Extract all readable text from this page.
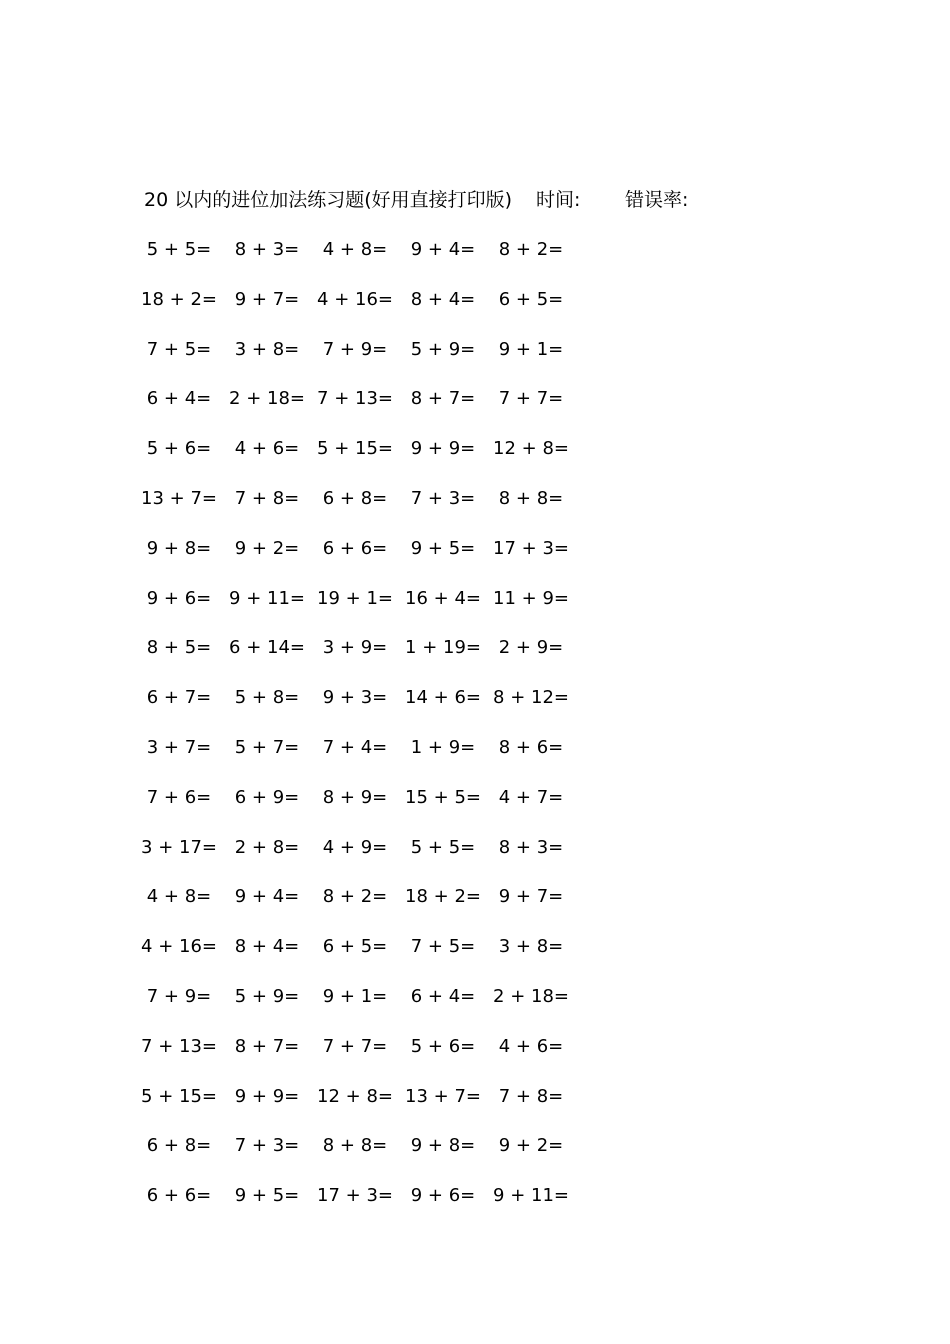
20 以内的进位加法练习题(好用直接打印版) 时间: 错误率:
5 + 5=	8 + 3=	4 + 8=	9 + 4=	8 + 2=
18 + 2= 9 + 7= 4 + 16= 8 + 4=	6 + 5=
7 + 5=	3 + 8=	7 + 9=	5 + 9=	9 + 1=
6 + 4= 2 + 18= 7 + 13= 8 + 7=	7 + 7=
5 + 6=	4 + 6= 5 + 15= 9 + 9= 12 + 8=
13 + 7= 7 + 8=	6 + 8=	7 + 3=	8 + 8=
9 + 8=	9 + 2=	6 + 6=	9 + 5= 17 + 3=
9 + 6= 9 + 11= 19 + 1= 16 + 4= 11 + 9=
8 + 5= 6 + 14= 3 + 9= 1 + 19= 2 + 9=
6 + 7=	5 + 8=	9 + 3= 14 + 6= 8 + 12=
3 + 7=	5 + 7=	7 + 4=	1 + 9=	8 + 6=
7 + 6=	6 + 9=	8 + 9= 15 + 5= 4 + 7=
3 + 17= 2 + 8=	4 + 9=	5 + 5=	8 + 3=
4 + 8=	9 + 4=	8 + 2= 18 + 2= 9 + 7=
4 + 16= 8 + 4=	6 + 5=	7 + 5=	3 + 8=
7 + 9=	5 + 9=	9 + 1=	6 + 4= 2 + 18=
7 + 13= 8 + 7=	7 + 7=	5 + 6=	4 + 6=
5 + 15= 9 + 9= 12 + 8= 13 + 7= 7 + 8=
6 + 8=	7 + 3=	8 + 8=	9 + 8=	9 + 2=
6 + 6=	9 + 5= 17 + 3= 9 + 6= 9 + 11=
